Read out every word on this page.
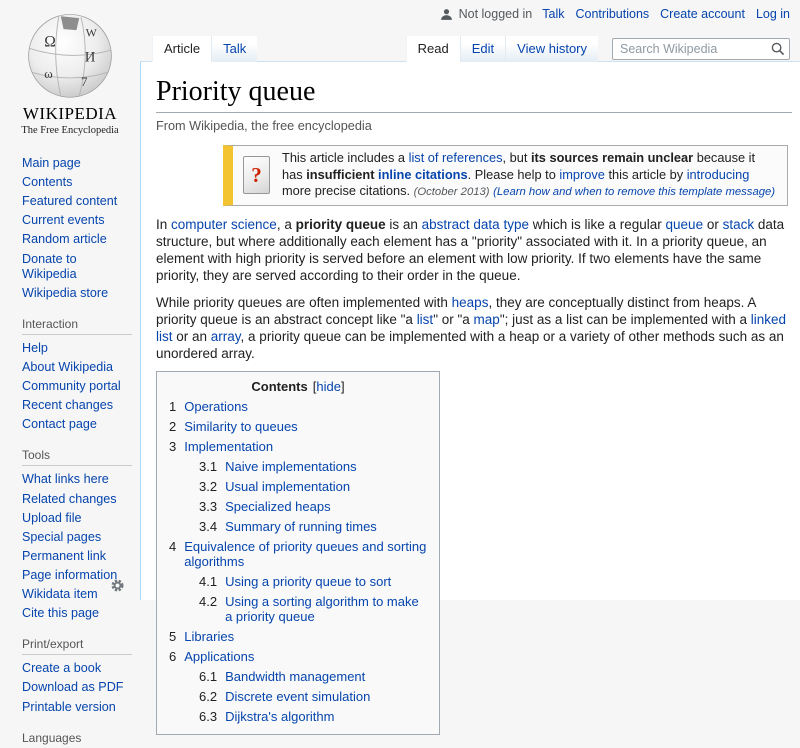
Not logged in Talk Contributions Create account Log in
Ω
W
И
7
ω
WIKIPEDIA
The Free Encyclopedia
Main page
Contents
Featured content
Current events
Random article
Donate to Wikipedia
Wikipedia store
Interaction
Help
About Wikipedia
Community portal
Recent changes
Contact page
Tools
What links here
Related changes
Upload file
Special pages
Permanent link
Page information
Wikidata item
Cite this page
Print/export
Create a book
Download as PDF
Printable version
Languages
Article	Talk	Read	Edit	View history
Search Wikipedia
Priority queue
From Wikipedia, the free encyclopedia
?
This article includes a list of references, but its sources remain unclear because it has insufficient inline citations. Please help to improve this article by introducing more precise citations. (October 2013) (Learn how and when to remove this template message)

In computer science, a priority queue is an abstract data type which is like a regular queue or stack data structure, but where additionally each element has a "priority" associated with it. In a priority queue, an element with high priority is served before an element with low priority. If two elements have the same priority, they are served according to their order in the queue.

While priority queues are often implemented with heaps, they are conceptually distinct from heaps. A priority queue is an abstract concept like "a list" or "a map"; just as a list can be implemented with a linked list or an array, a priority queue can be implemented with a heap or a variety of other methods such as an unordered array.

Contents [hide]
1 Operations
2 Similarity to queues
3 Implementation
3.1 Naive implementations
3.2 Usual implementation
3.3 Specialized heaps
3.4 Summary of running times
4 Equivalence of priority queues and sorting algorithms
4.1 Using a priority queue to sort
4.2 Using a sorting algorithm to make a priority queue
5 Libraries
6 Applications
6.1 Bandwidth management
6.2 Discrete event simulation
6.3 Dijkstra's algorithm
